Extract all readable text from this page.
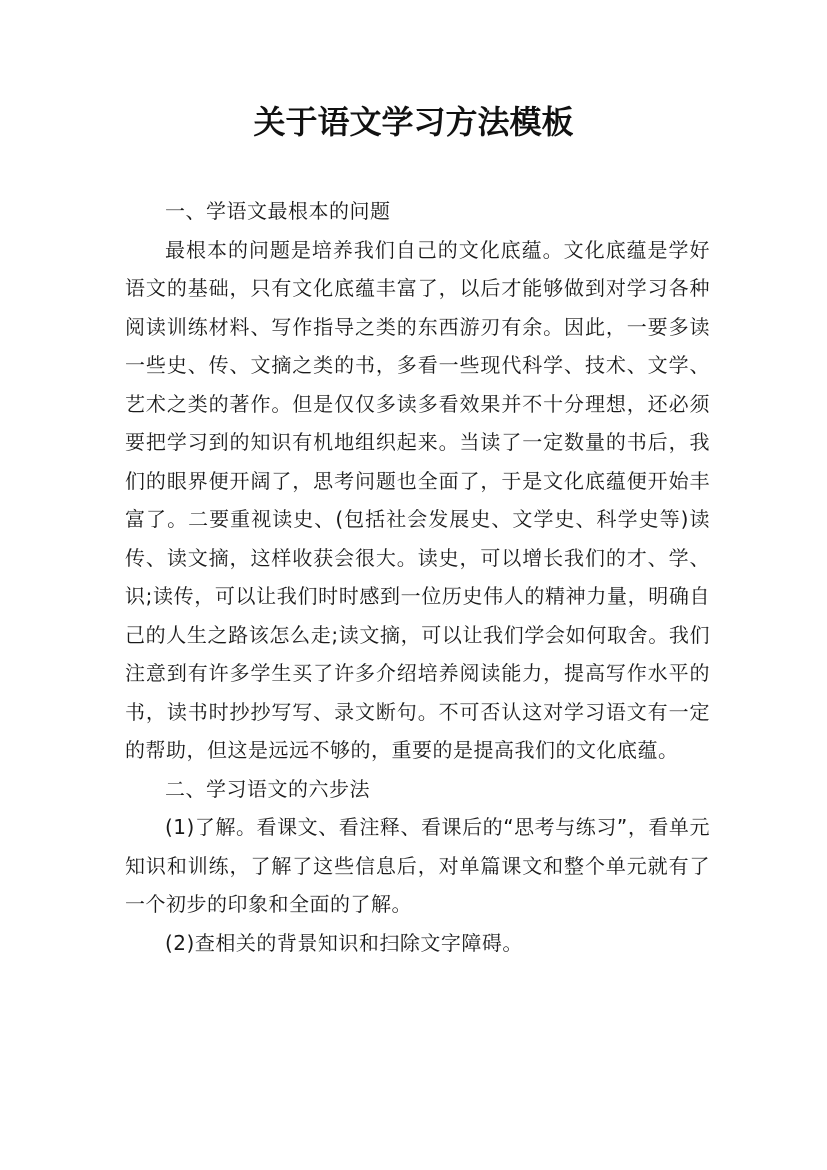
关于语文学习方法模板

一、学语文最根本的问题

最根本的问题是培养我们自己的文化底蕴。文化底蕴是学好语文的基础，只有文化底蕴丰富了，以后才能够做到对学习各种阅读训练材料、写作指导之类的东西游刃有余。因此，一要多读一些史、传、文摘之类的书，多看一些现代科学、技术、文学、艺术之类的著作。但是仅仅多读多看效果并不十分理想，还必须要把学习到的知识有机地组织起来。当读了一定数量的书后，我们的眼界便开阔了，思考问题也全面了，于是文化底蕴便开始丰富了。二要重视读史、(包括社会发展史、文学史、科学史等)读传、读文摘，这样收获会很大。读史，可以增长我们的才、学、识;读传，可以让我们时时感到一位历史伟人的精神力量，明确自己的人生之路该怎么走;读文摘，可以让我们学会如何取舍。我们注意到有许多学生买了许多介绍培养阅读能力，提高写作水平的书，读书时抄抄写写、录文断句。不可否认这对学习语文有一定的帮助，但这是远远不够的，重要的是提高我们的文化底蕴。

二、学习语文的六步法

(1)了解。看课文、看注释、看课后的“思考与练习”，看单元知识和训练，了解了这些信息后，对单篇课文和整个单元就有了一个初步的印象和全面的了解。

(2)查相关的背景知识和扫除文字障碍。
